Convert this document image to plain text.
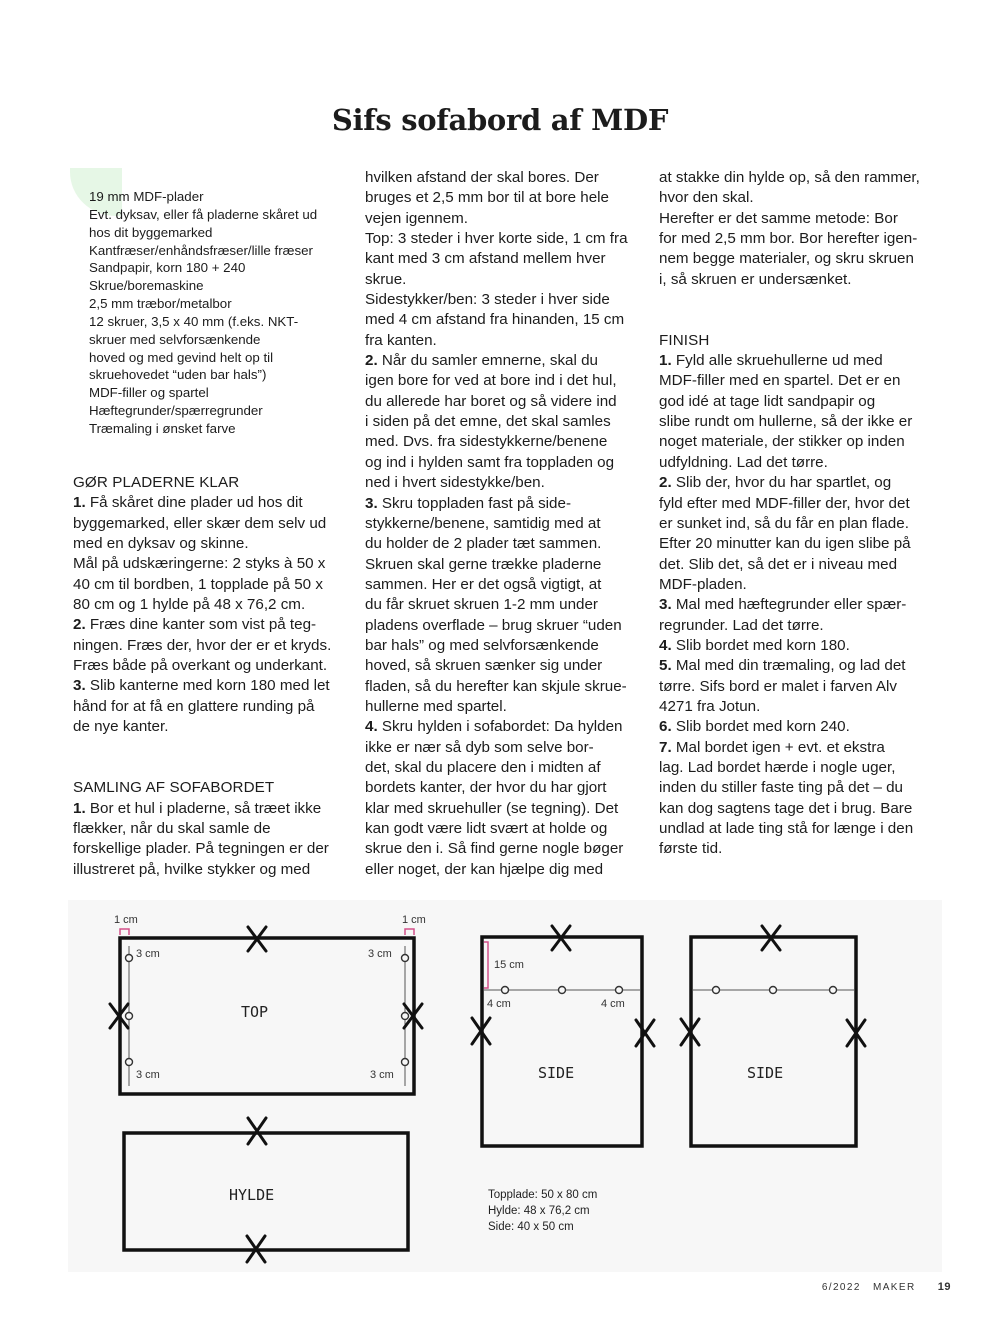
Sifs sofabord af MDF
19 mm MDF-plader
Evt. dyksav, eller få pladerne skåret ud
hos dit byggemarked
Kantfræser/enhåndsfræser/lille fræser
Sandpapir, korn 180 + 240
Skrue/boremaskine
2,5 mm træbor/metalbor
12 skruer, 3,5 x 40 mm (f.eks. NKT-
skruer med selvforsænkende
hoved og med gevind helt op til
skruehovedet “uden bar hals”)
MDF-filler og spartel
Hæftegrunder/spærregrunder
Træmaling i ønsket farve

GØR PLADERNE KLAR

1. Få skåret dine plader ud hos dit

byggemarked, eller skær dem selv ud

med en dyksav og skinne.

Mål på udskæringerne: 2 styks à 50 x

40 cm til bordben, 1 topplade på 50 x

80 cm og 1 hylde på 48 x 76,2 cm.

2. Fræs dine kanter som vist på teg-

ningen. Fræs der, hvor der er et kryds.

Fræs både på overkant og underkant.

3. Slib kanterne med korn 180 med let

hånd for at få en glattere runding på

de nye kanter.

SAMLING AF SOFABORDET

1. Bor et hul i pladerne, så træet ikke

flækker, når du skal samle de

forskellige plader. På tegningen er der

illustreret på, hvilke stykker og med

hvilken afstand der skal bores. Der

bruges et 2,5 mm bor til at bore hele

vejen igennem.

Top: 3 steder i hver korte side, 1 cm fra

kant med 3 cm afstand mellem hver

skrue.

Sidestykker/ben: 3 steder i hver side

med 4 cm afstand fra hinanden, 15 cm

fra kanten.

2. Når du samler emnerne, skal du

igen bore for ved at bore ind i det hul,

du allerede har boret og så videre ind

i siden på det emne, det skal samles

med. Dvs. fra sidestykkerne/benene

og ind i hylden samt fra toppladen og

ned i hvert sidestykke/ben.

3. Skru toppladen fast på side-

stykkerne/benene, samtidig med at

du holder de 2 plader tæt sammen.

Skruen skal gerne trække pladerne

sammen. Her er det også vigtigt, at

du får skruet skruen 1-2 mm under

pladens overflade – brug skruer “uden

bar hals” og med selvforsænkende

hoved, så skruen sænker sig under

fladen, så du herefter kan skjule skrue-

hullerne med spartel.

4. Skru hylden i sofabordet: Da hylden

ikke er nær så dyb som selve bor-

det, skal du placere den i midten af

bordets kanter, der hvor du har gjort

klar med skruehuller (se tegning). Det

kan godt være lidt svært at holde og

skrue den i. Så find gerne nogle bøger

eller noget, der kan hjælpe dig med

at stakke din hylde op, så den rammer,

hvor den skal.

Herefter er det samme metode: Bor

for med 2,5 mm bor. Bor herefter igen-

nem begge materialer, og skru skruen

i, så skruen er undersænket.

FINISH

1. Fyld alle skruehullerne ud med

MDF-filler med en spartel. Det er en

god idé at tage lidt sandpapir og

slibe rundt om hullerne, så der ikke er

noget materiale, der stikker op inden

udfyldning. Lad det tørre.

2. Slib der, hvor du har spartlet, og

fyld efter med MDF-filler der, hvor det

er sunket ind, så du får en plan flade.

Efter 20 minutter kan du igen slibe på

det. Slib det, så det er i niveau med

MDF-pladen.

3. Mal med hæftegrunder eller spær-

regrunder. Lad det tørre.

4. Slib bordet med korn 180.

5. Mal med din træmaling, og lad det

tørre. Sifs bord er malet i farven Alv

4271 fra Jotun.

6. Slib bordet med korn 240.

7. Mal bordet igen + evt. et ekstra

lag. Lad bordet hærde i nogle uger,

inden du stiller faste ting på det – du

kan dog sagtens tage det i brug. Bare

undlad at lade ting stå for længe i den

første tid.

1 cm	1 cm
3 cm	3 cm
3 cm	3 cm
15 cm
4 cm	4 cm
TOP
HYLDE
SIDE	SIDE
Topplade: 50 x 80 cm
Hylde: 48 x 76,2 cm
Side: 40 x 50 cm
6/2022 MAKER 19
